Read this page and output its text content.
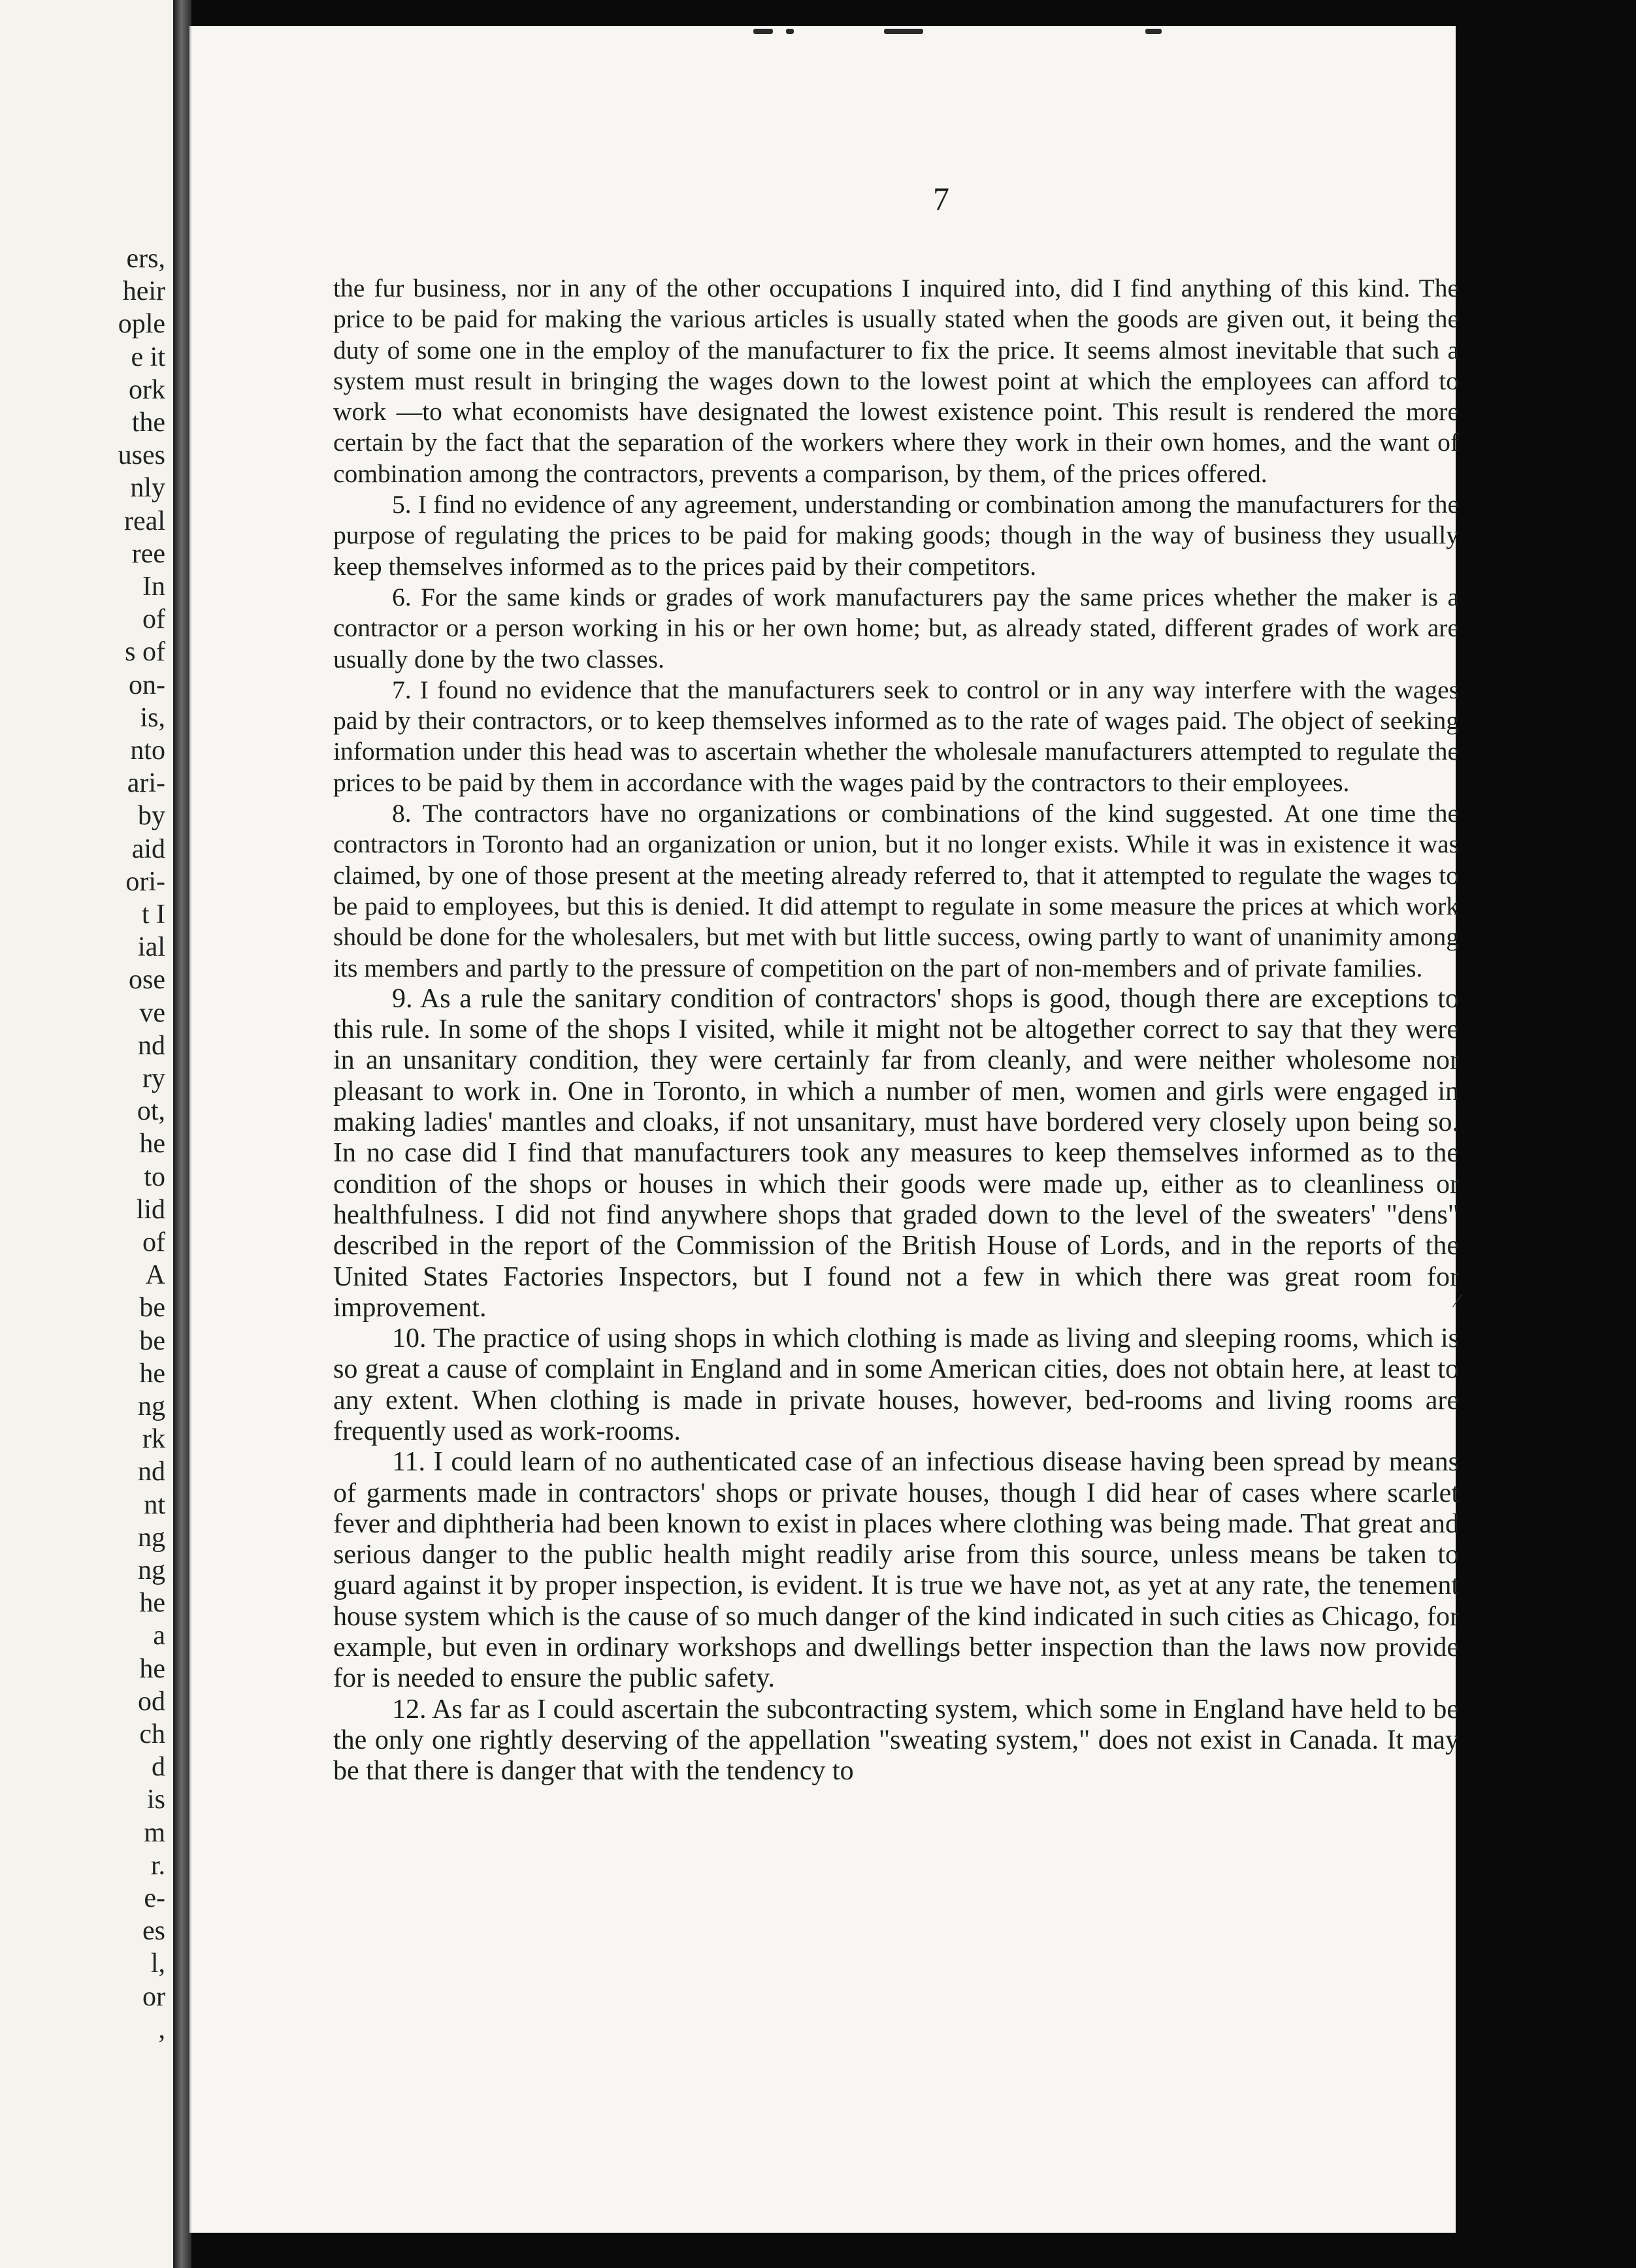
ers,
heir
ople
e it
ork
the
uses
nly
real
ree
In
of
s of
on-
is,
nto
ari-
by
aid
ori-
t I
ial
ose
ve
nd
ry
ot,
he
to
lid
of
A
be
be
he
ng
rk
nd
nt
ng
ng
he
a
he
od
ch
d
is
m
r.
e-
es
l,
or
,
7

the fur business, nor in any of the other occupations I inquired into, did I find anything of this kind. The price to be paid for making the various articles is usually stated when the goods are given out, it being the duty of some one in the employ of the manufacturer to fix the price. It seems almost inevitable that such a system must result in bringing the wages down to the lowest point at which the employees can afford to work —to what economists have designated the lowest existence point. This result is rendered the more certain by the fact that the separation of the workers where they work in their own homes, and the want of combination among the contractors, prevents a comparison, by them, of the prices offered.

5. I find no evidence of any agreement, understanding or combination among the manufacturers for the purpose of regulating the prices to be paid for making goods; though in the way of business they usually keep themselves informed as to the prices paid by their competitors.

6. For the same kinds or grades of work manufacturers pay the same prices whether the maker is a contractor or a person working in his or her own home; but, as already stated, different grades of work are usually done by the two classes.

7. I found no evidence that the manufacturers seek to control or in any way interfere with the wages paid by their contractors, or to keep themselves informed as to the rate of wages paid. The object of seeking information under this head was to ascertain whether the wholesale manufacturers attempted to regulate the prices to be paid by them in accordance with the wages paid by the contractors to their employees.

8. The contractors have no organizations or combinations of the kind suggested. At one time the contractors in Toronto had an organization or union, but it no longer exists. While it was in existence it was claimed, by one of those present at the meeting already referred to, that it attempted to regulate the wages to be paid to employees, but this is denied. It did attempt to regulate in some measure the prices at which work should be done for the wholesalers, but met with but little success, owing partly to want of unanimity among its members and partly to the pressure of competition on the part of non-members and of private families.

9. As a rule the sanitary condition of contractors' shops is good, though there are exceptions to this rule. In some of the shops I visited, while it might not be altogether correct to say that they were in an unsanitary condition, they were certainly far from cleanly, and were neither wholesome nor pleasant to work in. One in Toronto, in which a number of men, women and girls were engaged in making ladies' mantles and cloaks, if not unsanitary, must have bordered very closely upon being so. In no case did I find that manufacturers took any measures to keep themselves informed as to the condition of the shops or houses in which their goods were made up, either as to cleanliness or healthfulness. I did not find anywhere shops that graded down to the level of the sweaters' "dens" described in the report of the Commission of the British House of Lords, and in the reports of the United States Factories Inspectors, but I found not a few in which there was great room for improvement.

10. The practice of using shops in which clothing is made as living and sleeping rooms, which is so great a cause of complaint in England and in some American cities, does not obtain here, at least to any extent. When clothing is made in private houses, however, bed-rooms and living rooms are frequently used as work-rooms.

11. I could learn of no authenticated case of an infectious disease having been spread by means of garments made in contractors' shops or private houses, though I did hear of cases where scarlet fever and diphtheria had been known to exist in places where clothing was being made. That great and serious danger to the public health might readily arise from this source, unless means be taken to guard against it by proper inspection, is evident. It is true we have not, as yet at any rate, the tenement house system which is the cause of so much danger of the kind indicated in such cities as Chicago, for example, but even in ordinary workshops and dwellings better inspection than the laws now provide for is needed to ensure the public safety.

12. As far as I could ascertain the subcontracting system, which some in England have held to be the only one rightly deserving of the appellation "sweating system," does not exist in Canada. It may be that there is danger that with the tendency to

⁄
